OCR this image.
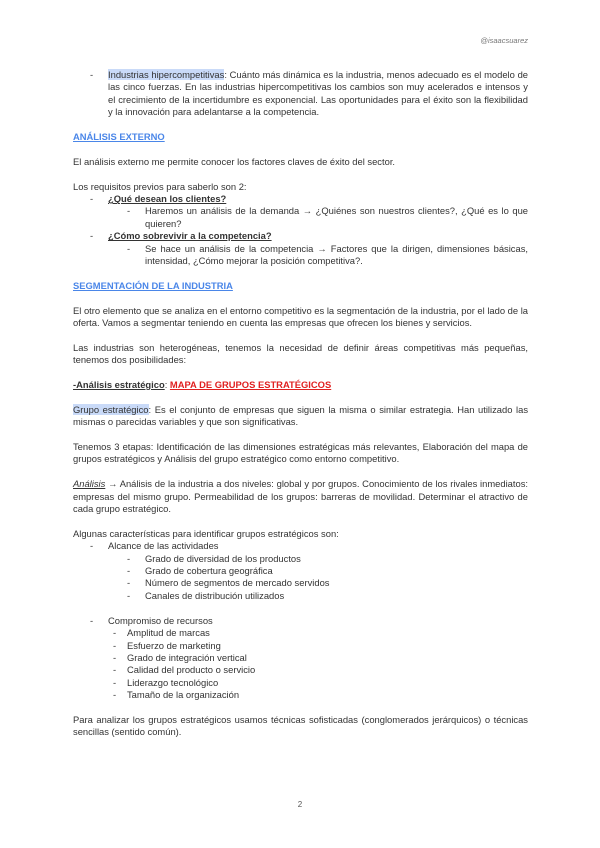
@isaacsuarez
- Industrias hipercompetitivas: Cuánto más dinámica es la industria, menos adecuado es el modelo de las cinco fuerzas. En las industrias hipercompetitivas los cambios son muy acelerados e intensos y el crecimiento de la incertidumbre es exponencial. Las oportunidades para el éxito son la flexibilidad y la innovación para adelantarse a la competencia.

ANÁLISIS EXTERNO

El análisis externo me permite conocer los factores claves de éxito del sector.

Los requisitos previos para saberlo son 2:

- ¿Qué desean los clientes?

- Haremos un análisis de la demanda → ¿Quiénes son nuestros clientes?, ¿Qué es lo que quieren?

- ¿Cómo sobrevivir a la competencia?

- Se hace un análisis de la competencia → Factores que la dirigen, dimensiones básicas, intensidad, ¿Cómo mejorar la posición competitiva?.

SEGMENTACIÓN DE LA INDUSTRIA

El otro elemento que se analiza en el entorno competitivo es la segmentación de la industria, por el lado de la oferta. Vamos a segmentar teniendo en cuenta las empresas que ofrecen los bienes y servicios.

Las industrias son heterogéneas, tenemos la necesidad de definir áreas competitivas más pequeñas, tenemos dos posibilidades:

-Análisis estratégico: MAPA DE GRUPOS ESTRATÉGICOS

Grupo estratégico: Es el conjunto de empresas que siguen la misma o similar estrategia. Han utilizado las mismas o parecidas variables y que son significativas.

Tenemos 3 etapas: Identificación de las dimensiones estratégicas más relevantes, Elaboración del mapa de grupos estratégicos y Análisis del grupo estratégico como entorno competitivo.

Análisis → Análisis de la industria a dos niveles: global y por grupos. Conocimiento de los rivales inmediatos: empresas del mismo grupo. Permeabilidad de los grupos: barreras de movilidad. Determinar el atractivo de cada grupo estratégico.

Algunas características para identificar grupos estratégicos son:

- Alcance de las actividades

- Grado de diversidad de los productos

- Grado de cobertura geográfica

- Número de segmentos de mercado servidos

- Canales de distribución utilizados

- Compromiso de recursos

- Amplitud de marcas

- Esfuerzo de marketing

- Grado de integración vertical

- Calidad del producto o servicio

- Liderazgo tecnológico

- Tamaño de la organización

Para analizar los grupos estratégicos usamos técnicas sofisticadas (conglomerados jerárquicos) o técnicas sencillas (sentido común).

2
